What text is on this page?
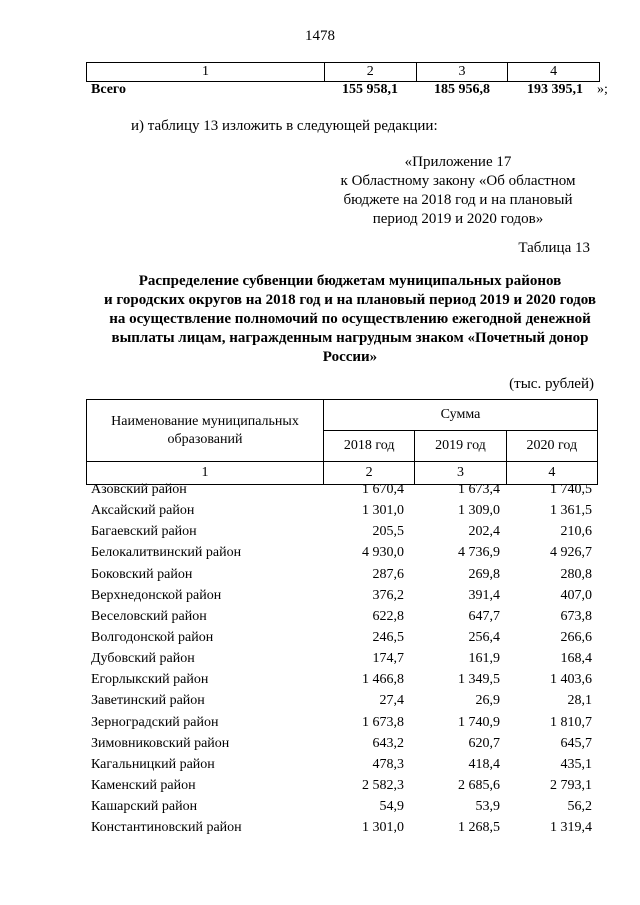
1478
1	2	3	4
Всего	155 958,1	185 956,8	193 395,1 »;
и) таблицу 13 изложить в следующей редакции:
«Приложение 17
к Областному закону «Об областном
бюджете на 2018 год и на плановый
период 2019 и 2020 годов»
Таблица 13
Распределение субвенции бюджетам муниципальных районов
и городских округов на 2018 год и на плановый период 2019 и 2020 годов
на осуществление полномочий по осуществлению ежегодной денежной
выплаты лицам, награжденным нагрудным знаком «Почетный донор
России»
(тыс. рублей)
Наименование муниципальных образований	Сумма		
	2018 год	2019 год	2020 год
1	2	3	4
Азовский район	1 670,4	1 673,4	1 740,5
Аксайский район	1 301,0	1 309,0	1 361,5
Багаевский район	205,5	202,4	210,6
Белокалитвинский район	4 930,0	4 736,9	4 926,7
Боковский район	287,6	269,8	280,8
Верхнедонской район	376,2	391,4	407,0
Веселовский район	622,8	647,7	673,8
Волгодонской район	246,5	256,4	266,6
Дубовский район	174,7	161,9	168,4
Егорлыкский район	1 466,8	1 349,5	1 403,6
Заветинский район	27,4	26,9	28,1
Зерноградский район	1 673,8	1 740,9	1 810,7
Зимовниковский район	643,2	620,7	645,7
Кагальницкий район	478,3	418,4	435,1
Каменский район	2 582,3	2 685,6	2 793,1
Кашарский район	54,9	53,9	56,2
Константиновский район	1 301,0	1 268,5	1 319,4
